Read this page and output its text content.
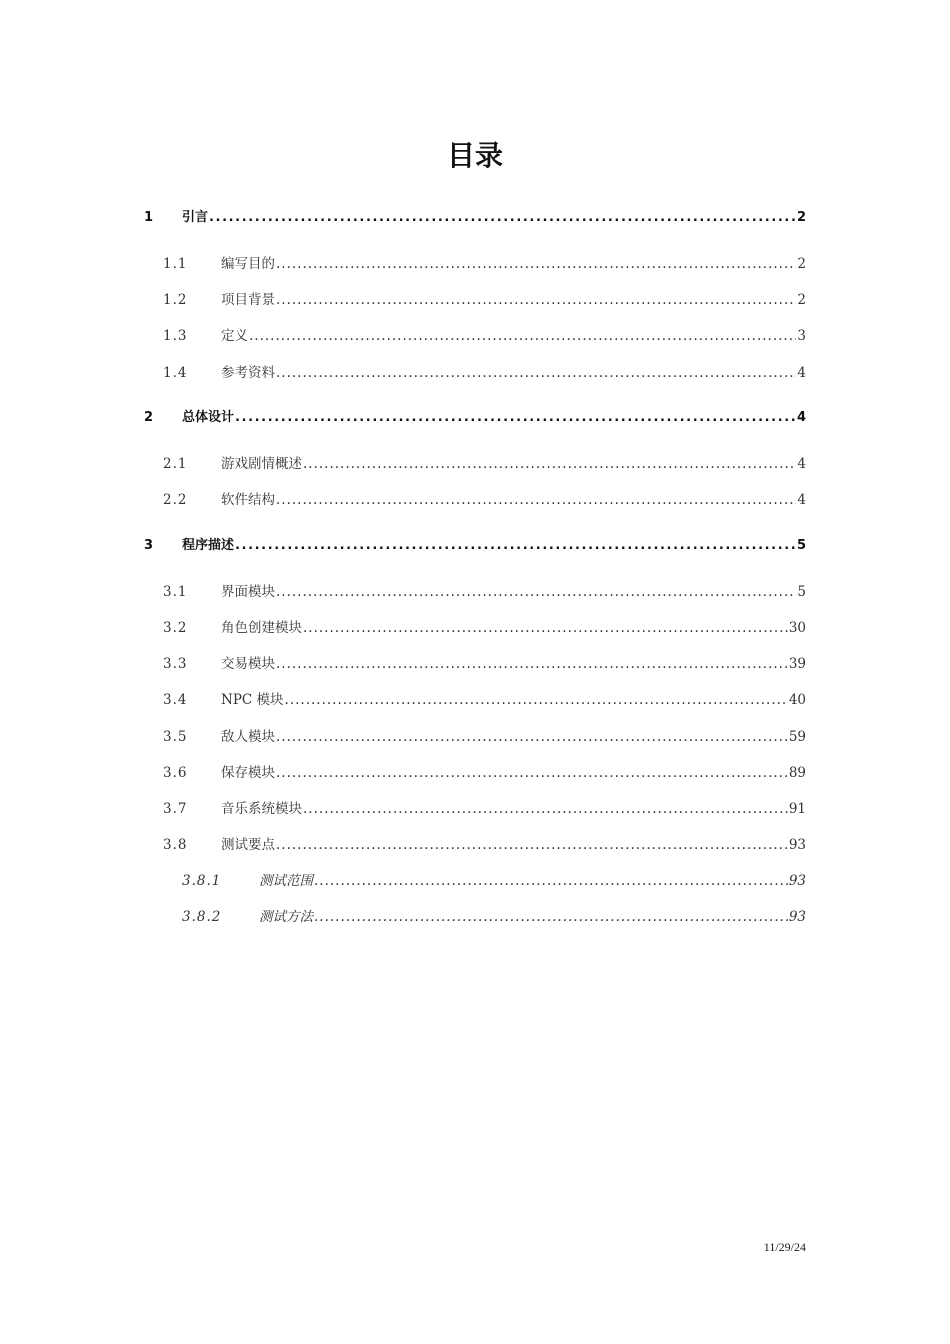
目录
1	引言 .....	2
1.1	编写目的 .....	2
1.2	项目背景 .....	2
1.3	定义 .....	3
1.4	参考资料 .....	4
2	总体设计 .....	4
2.1	游戏剧情概述 .....	4
2.2	软件结构 .....	4
3	程序描述 .....	5
3.1	界面模块 .....	5
3.2	角色创建模块 .....	30
3.3	交易模块 .....	39
3.4	NPC 模块 .....	40
3.5	敌人模块 .....	59
3.6	保存模块 .....	89
3.7	音乐系统模块 .....	91
3.8	测试要点 .....	93
3.8.1	测试范围 .....	93
3.8.2	测试方法 .....	93
11/29/24
